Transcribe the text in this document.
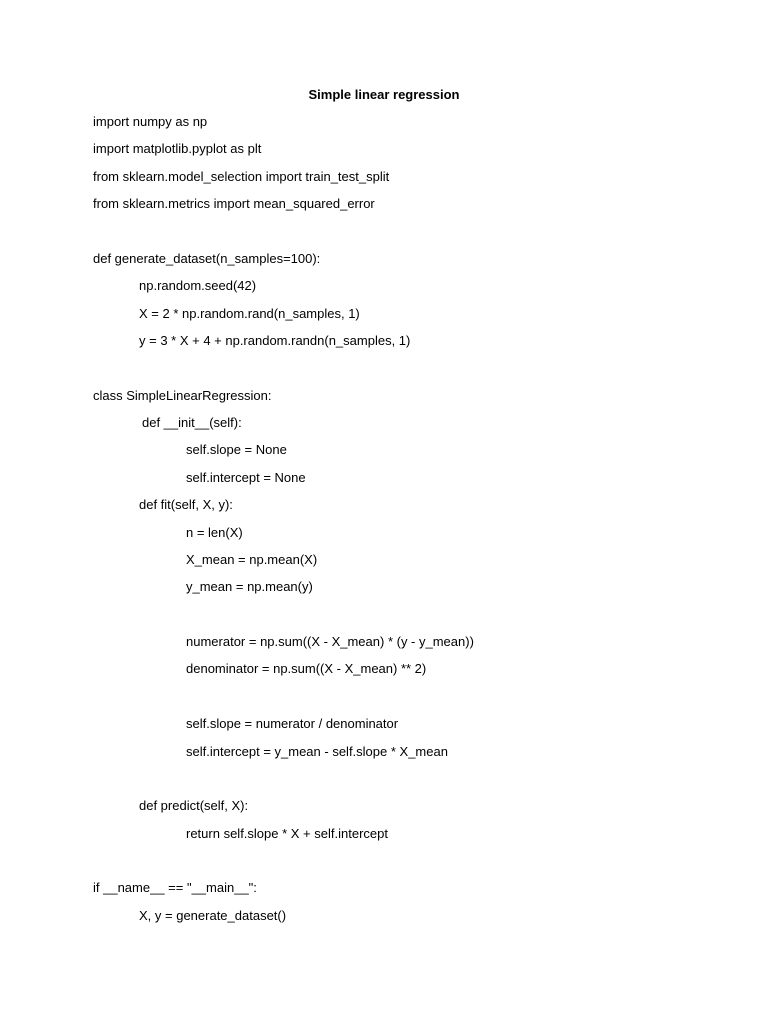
Simple linear regression
import numpy as np
import matplotlib.pyplot as plt
from sklearn.model_selection import train_test_split
from sklearn.metrics import mean_squared_error
def generate_dataset(n_samples=100):
np.random.seed(42)
X = 2 * np.random.rand(n_samples, 1)
y = 3 * X + 4 + np.random.randn(n_samples, 1)
class SimpleLinearRegression:
def __init__(self):
self.slope = None
self.intercept = None
def fit(self, X, y):
n = len(X)
X_mean = np.mean(X)
y_mean = np.mean(y)
numerator = np.sum((X - X_mean) * (y - y_mean))
denominator = np.sum((X - X_mean) ** 2)
self.slope = numerator / denominator
self.intercept = y_mean - self.slope * X_mean
def predict(self, X):
return self.slope * X + self.intercept
if __name__ == "__main__":
X, y = generate_dataset()
